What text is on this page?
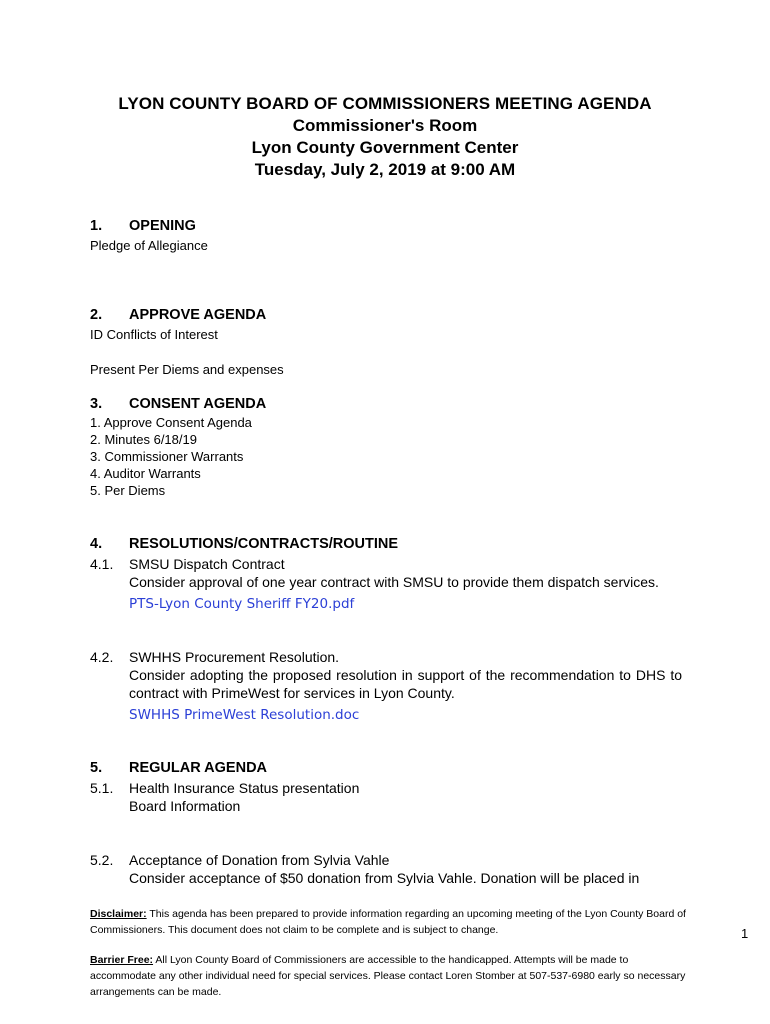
LYON COUNTY BOARD OF COMMISSIONERS MEETING AGENDA
Commissioner's Room
Lyon County Government Center
Tuesday, July 2, 2019 at 9:00 AM
1. OPENING
Pledge of Allegiance
2. APPROVE AGENDA
ID Conflicts of Interest
Present Per Diems and expenses
3. CONSENT AGENDA
1. Approve Consent Agenda
2. Minutes 6/18/19
3. Commissioner Warrants
4. Auditor Warrants
5. Per Diems
4. RESOLUTIONS/CONTRACTS/ROUTINE
4.1. SMSU Dispatch Contract
Consider approval of one year contract with SMSU to provide them dispatch services.
PTS-Lyon County Sheriff FY20.pdf
4.2. SWHHS Procurement Resolution.
Consider adopting the proposed resolution in support of the recommendation to DHS to contract with PrimeWest for services in Lyon County.
SWHHS PrimeWest Resolution.doc
5. REGULAR AGENDA
5.1. Health Insurance Status presentation
Board Information
5.2. Acceptance of Donation from Sylvia Vahle
Consider acceptance of $50 donation from Sylvia Vahle. Donation will be placed in
Disclaimer: This agenda has been prepared to provide information regarding an upcoming meeting of the Lyon County Board of Commissioners. This document does not claim to be complete and is subject to change.
Barrier Free: All Lyon County Board of Commissioners are accessible to the handicapped. Attempts will be made to accommodate any other individual need for special services. Please contact Loren Stomber at 507-537-6980 early so necessary arrangements can be made.
1
